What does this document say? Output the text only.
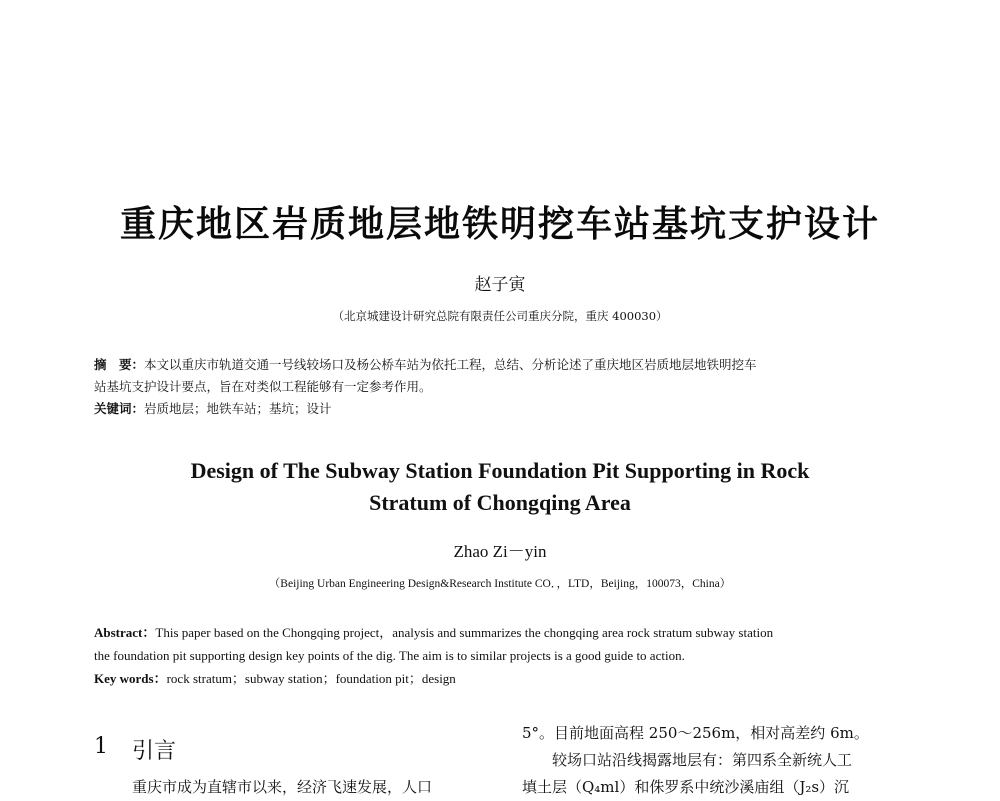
重庆地区岩质地层地铁明挖车站基坑支护设计
赵子寅
（北京城建设计研究总院有限责任公司重庆分院，重庆 400030）
摘　要：本文以重庆市轨道交通一号线较场口及杨公桥车站为依托工程，总结、分析论述了重庆地区岩质地层地铁明挖车
站基坑支护设计要点，旨在对类似工程能够有一定参考作用。
关键词：岩质地层；地铁车站；基坑；设计
Design of The Subway Station Foundation Pit Supporting in Rock
Stratum of Chongqing Area
Zhao Zi－yin
（Beijing Urban Engineering Design&Research Institute CO．，LTD，Beijing，100073，China）
Abstract：This paper based on the Chongqing project，analysis and summarizes the chongqing area rock stratum subway station
the foundation pit supporting design key points of the dig. The aim is to similar projects is a good guide to action.
Key words：rock stratum；subway station；foundation pit；design
1 引言
重庆市成为直辖市以来，经济飞速发展，人口
5°。目前地面高程 250～256m，相对高差约 6m。
较场口站沿线揭露地层有：第四系全新统人工
填土层（Q₄ml）和侏罗系中统沙溪庙组（J₂s）沉
